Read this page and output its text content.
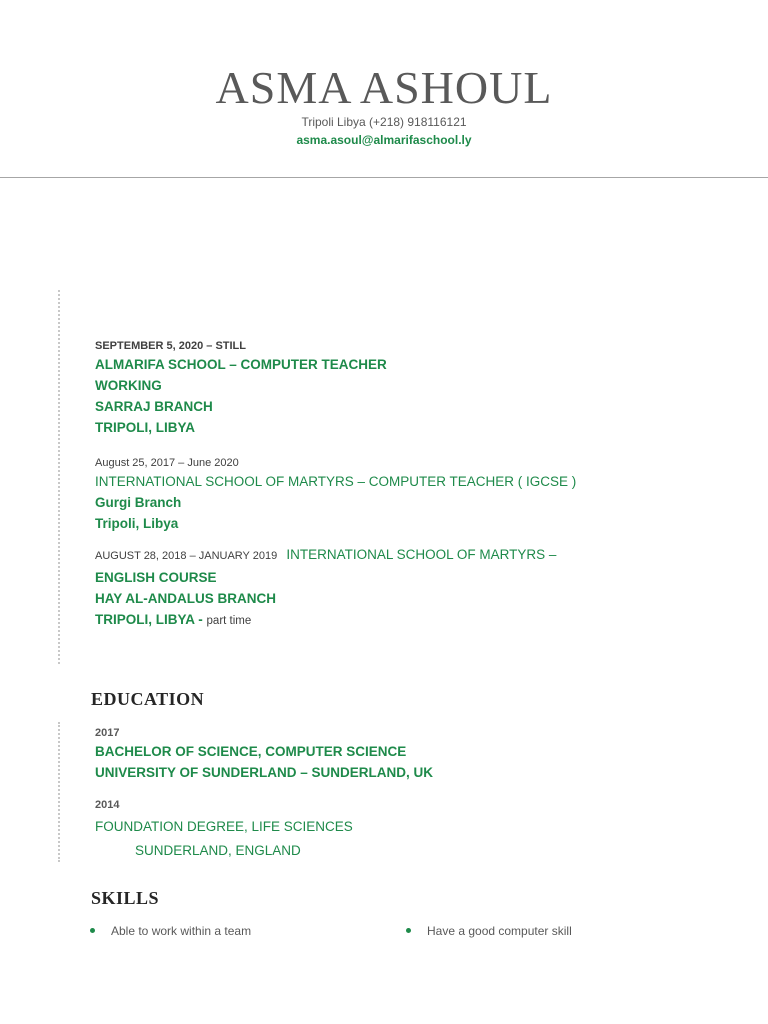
ASMA ASHOUL
Tripoli Libya (+218) 918116121
asma.asoul@almarifaschool.ly
SEPTEMBER 5, 2020 – STILL
ALMARIFA SCHOOL – COMPUTER TEACHER
WORKING
SARRAJ BRANCH
TRIPOLI, LIBYA
August 25, 2017 – June 2020
INTERNATIONAL SCHOOL OF MARTYRS – COMPUTER TEACHER ( IGCSE )
Gurgi Branch
Tripoli, Libya
AUGUST 28, 2018 – JANUARY 2019 INTERNATIONAL SCHOOL OF MARTYRS –
ENGLISH COURSE
HAY AL-ANDALUS BRANCH
TRIPOLI, LIBYA - part time
EDUCATION
2017
BACHELOR OF SCIENCE, COMPUTER SCIENCE
UNIVERSITY OF SUNDERLAND – SUNDERLAND, UK
2014
FOUNDATION DEGREE, LIFE SCIENCES
SUNDERLAND, ENGLAND
SKILLS
Able to work within a team	Have a good computer skill
